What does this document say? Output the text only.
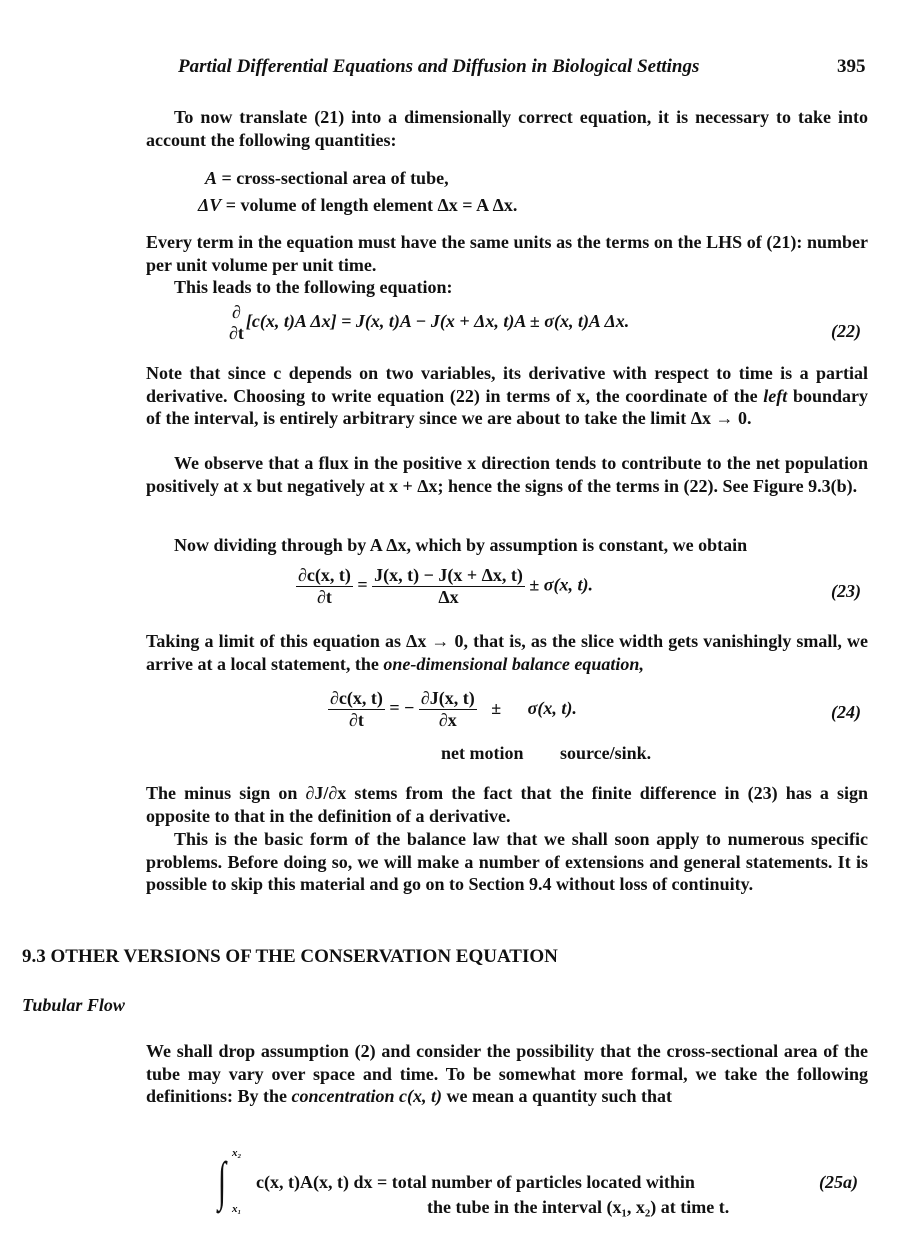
Partial Differential Equations and Diffusion in Biological Settings	395

To now translate (21) into a dimensionally correct equation, it is necessary to take into account the following quantities:

A = cross-sectional area of tube,
ΔV = volume of length element Δx = A Δx.

Every term in the equation must have the same units as the terms on the LHS of (21): number per unit volume per unit time.

This leads to the following equation:

∂
∂t
[c(x, t)A Δx] = J(x, t)A − J(x + Δx, t)A ± σ(x, t)A Δx.	(22)

Note that since c depends on two variables, its derivative with respect to time is a partial derivative. Choosing to write equation (22) in terms of x, the coordinate of the left boundary of the interval, is entirely arbitrary since we are about to take the limit Δx → 0.

We observe that a flux in the positive x direction tends to contribute to the net population positively at x but negatively at x + Δx; hence the signs of the terms in (22). See Figure 9.3(b).

Now dividing through by A Δx, which by assumption is constant, we obtain

$\frac{\partial c(x, t)}{\partial t} = \frac{J(x, t) - J(x + \Delta x, t)}{\Delta x} \pm \sigma(x$, t).	(23)

Taking a limit of this equation as Δx → 0, that is, as the slice width gets vanishingly small, we arrive at a local statement, the one-dimensional balance equation,

$\frac{\partial c(x, t)}{\partial t}$ = − $\frac{\partial J(x, t)}{\partial x} \pm \sigma(x$, t).	(24)
net motion source/sink.

The minus sign on ∂J/∂x stems from the fact that the finite difference in (23) has a sign opposite to that in the definition of a derivative.

This is the basic form of the balance law that we shall soon apply to numerous specific problems. Before doing so, we will make a number of extensions and general statements. It is possible to skip this material and go on to Section 9.4 without loss of continuity.

9.3 OTHER VERSIONS OF THE CONSERVATION EQUATION
Tubular Flow

We shall drop assumption (2) and consider the possibility that the cross-sectional area of the tube may vary over space and time. To be somewhat more formal, we take the following definitions: By the concentration c(x, t) we mean a quantity such that

∫ x₂
x₁
c(x, t)A(x, t) dx = total number of particles located within
the tube in the interval (x₁, x₂) at time t.
(25a)
